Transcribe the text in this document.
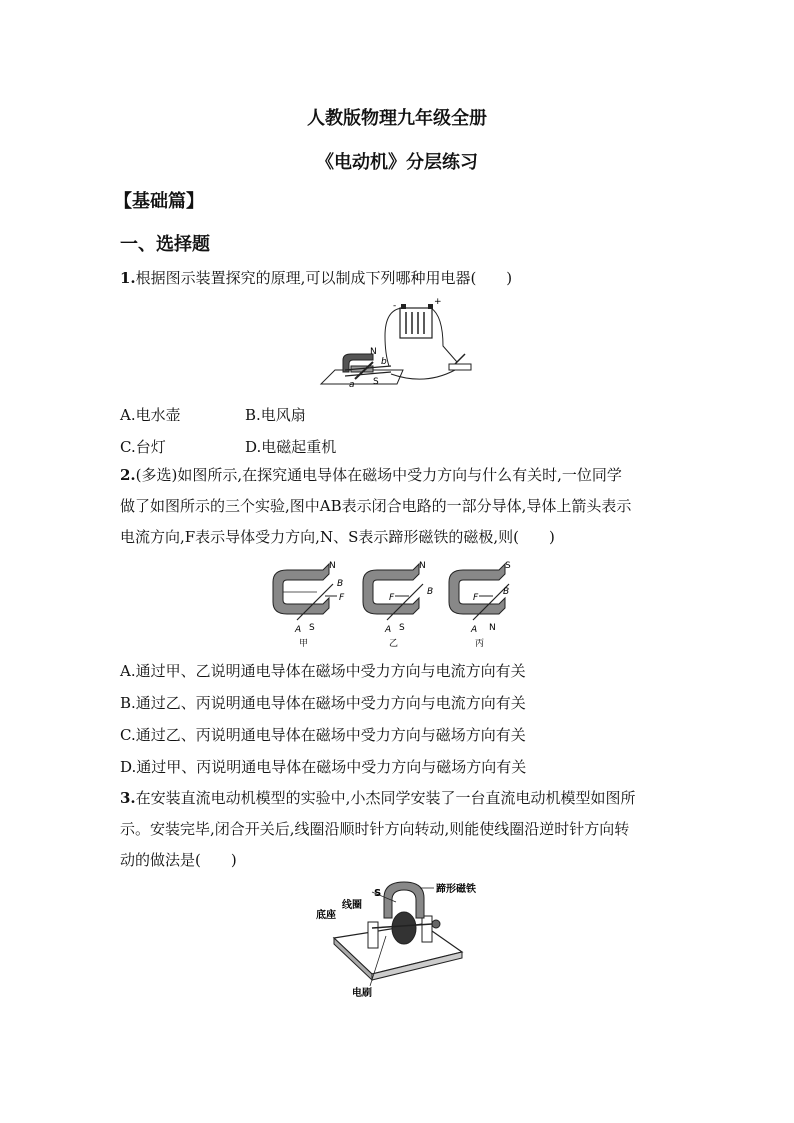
人教版物理九年级全册
《电动机》分层练习
【基础篇】
一、选择题
1.根据图示装置探究的原理,可以制成下列哪种用电器(　　)
-	+
N
S
a
b
A.电水壶	B.电风扇
C.台灯	D.电磁起重机
2.(多选)如图所示,在探究通电导体在磁场中受力方向与什么有关时,一位同学
做了如图所示的三个实验,图中AB表示闭合电路的一部分导体,导体上箭头表示
电流方向,F表示导体受力方向,N、S表示蹄形磁铁的磁极,则(　　)
N
S
A
B
F
甲
N
S
A
B
F
乙
S
N
A
B
F
丙
A.通过甲、乙说明通电导体在磁场中受力方向与电流方向有关
B.通过乙、丙说明通电导体在磁场中受力方向与电流方向有关
C.通过乙、丙说明通电导体在磁场中受力方向与磁场方向有关
D.通过甲、丙说明通电导体在磁场中受力方向与磁场方向有关
3.在安装直流电动机模型的实验中,小杰同学安装了一台直流电动机模型如图所
示。安装完毕,闭合开关后,线圈沿顺时针方向转动,则能使线圈沿逆时针方向转
动的做法是(　　)
S	蹄形磁铁
底座
线圈
电刷
